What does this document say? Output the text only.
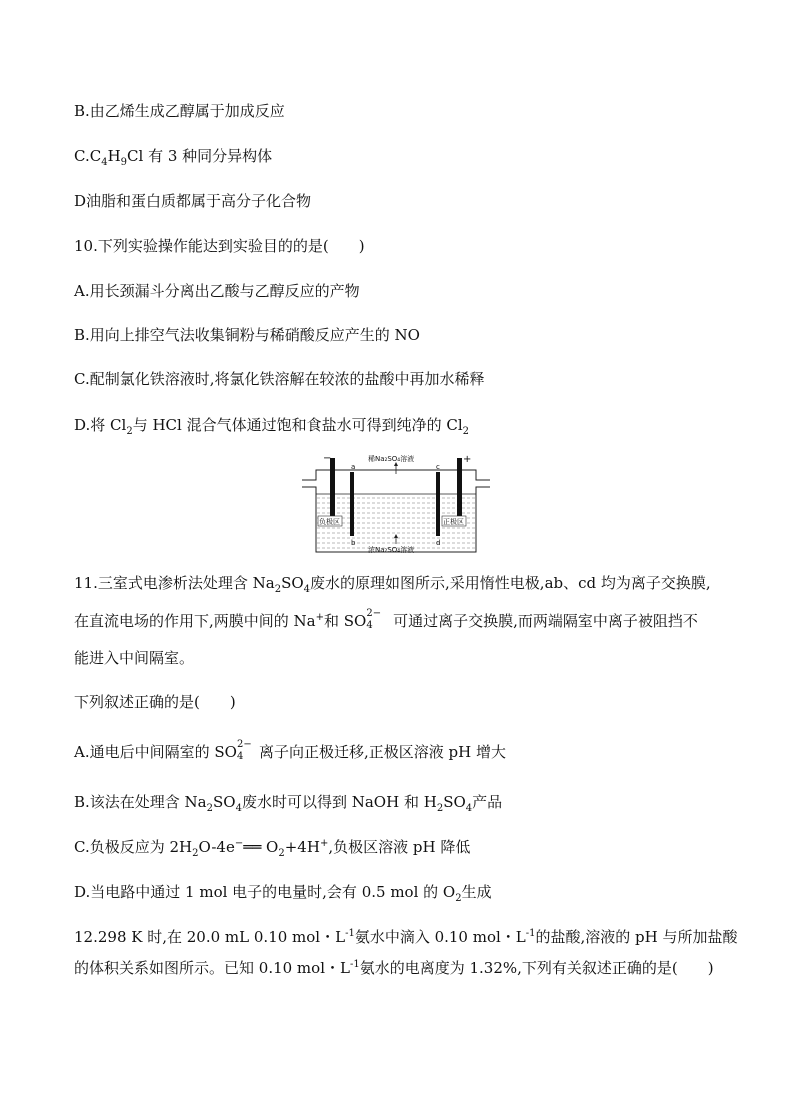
B.由乙烯生成乙醇属于加成反应
$C.C_4H_9Cl$ 有 3 种同分异构体
D油脂和蛋白质都属于高分子化合物
10.下列实验操作能达到实验目的的是(　　)
A.用长颈漏斗分离出乙酸与乙醇反应的产物
B.用向上排空气法收集铜粉与稀硝酸反应产生的 NO
C.配制氯化铁溶液时,将氯化铁溶解在较浓的盐酸中再加水稀释
D.将 $Cl_2$与 HCl 混合气体通过饱和食盐水可得到纯净的 $Cl_2$
−	+
a
b
c
d
稀Na₂SO₄溶液
浓Na₂SO₄溶液
负极区	正极区
11.三室式电渗析法处理含 $Na_2SO_4$废水的原理如图所示,采用惰性电极,ab、cd 均为离子交换膜,
在直流电场的作用下,两膜中间的 Na+和 SO 2−
4 可通过离子交换膜,而两端隔室中离子被阻挡不
能进入中间隔室。
下列叙述正确的是(　　)
A.通电后中间隔室的 SO 2−
4 离子向正极迁移,正极区溶液 pH 增大
B.该法在处理含 $Na_2SO_4$废水时可以得到 NaOH 和 $H_2SO_4$产品
C.负极反应为 $2H_2O-4e^-══$ $O_2+4H^+$,负极区溶液 pH 降低
D.当电路中通过 1 mol 电子的电量时,会有 0.5 mol 的 $O_2$生成
12.298 K 时,在 20.0 mL 0.10 mol・$L^{-1}$氨水中滴入 0.10 mol・$L^{-1}$的盐酸,溶液的 pH 与所加盐酸
的体积关系如图所示。已知 0.10 mol・$L^{-1}$氨水的电离度为 1.32%,下列有关叙述正确的是(　　)
